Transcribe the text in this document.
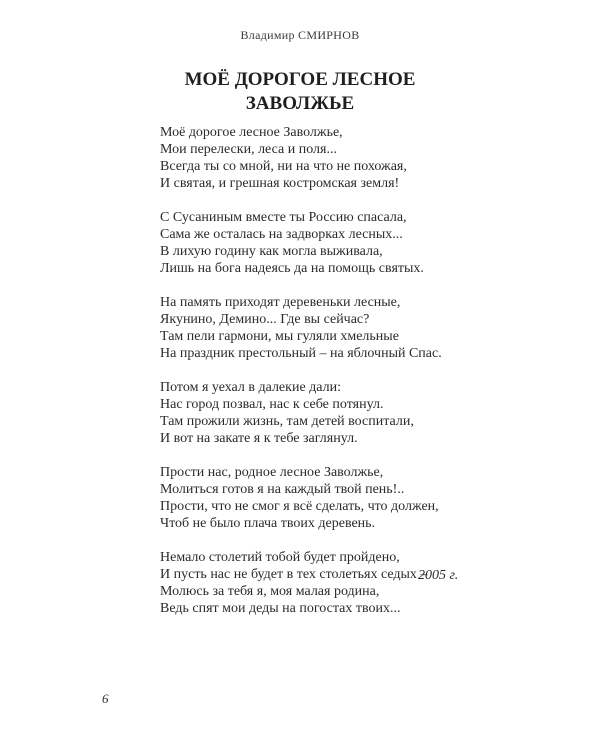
Владимир СМИРНОВ
МОЁ ДОРОГОЕ ЛЕСНОЕ
ЗАВОЛЖЬЕ
Моё дорогое лесное Заволжье,
Мои перелески, леса и поля...
Всегда ты со мной, ни на что не похожая,
И святая, и грешная костромская земля!
С Сусаниным вместе ты Россию спасала,
Сама же осталась на задворках лесных...
В лихую годину как могла выживала,
Лишь на бога надеясь да на помощь святых.
На память приходят деревеньки лесные,
Якунино, Демино... Где вы сейчас?
Там пели гармони, мы гуляли хмельные
На праздник престольный – на яблочный Спас.
Потом я уехал в далекие дали:
Нас город позвал, нас к себе потянул.
Там прожили жизнь, там детей воспитали,
И вот на закате я к тебе заглянул.
Прости нас, родное лесное Заволжье,
Молиться готов я на каждый твой пень!..
Прости, что не смог я всё сделать, что должен,
Чтоб не было плача твоих деревень.
Немало столетий тобой будет пройдено,
И пусть нас не будет в тех столетьях седых –
Молюсь за тебя я, моя малая родина,
Ведь спят мои деды на погостах твоих...
2005 г.
6
